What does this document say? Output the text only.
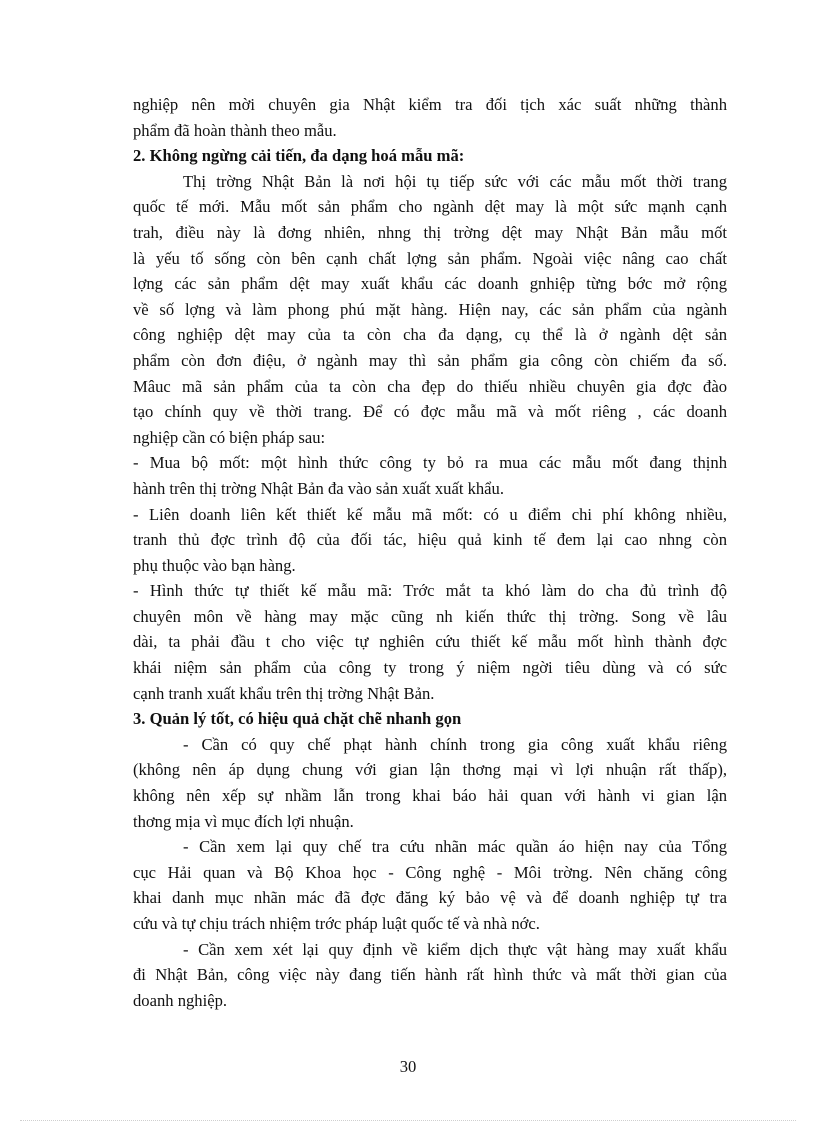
nghiệp nên mời chuyên gia Nhật kiểm tra đối tịch xác suất những thành
phẩm đã hoàn thành theo mẫu.
2. Không ngừng cải tiến, đa dạng hoá mẫu mã:
Thị trờng Nhật Bản là nơi hội tụ tiếp sức với các mẫu mốt thời trang
quốc tế mới. Mẫu mốt sản phẩm cho ngành dệt may là một sức mạnh cạnh
trah, điều này là đơng nhiên, nhng thị trờng dệt may Nhật Bản mẫu mốt
là yếu tố sống còn bên cạnh chất lợng sản phẩm. Ngoài việc nâng cao chất
lợng các sản phẩm dệt may xuất khẩu các doanh gnhiệp từng bớc mở rộng
về số lợng và làm phong phú mặt hàng. Hiện nay, các sản phẩm của ngành
công nghiệp dệt may của ta còn cha đa dạng, cụ thể là ở ngành dệt sản
phẩm còn đơn điệu, ở ngành may thì sản phẩm gia công còn chiếm đa số.
Mâuc mã sản phẩm của ta còn cha đẹp do thiếu nhiều chuyên gia đợc đào
tạo chính quy về thời trang. Để có đợc mẫu mã và mốt riêng , các doanh
nghiệp cần có biện pháp sau:
- Mua bộ mốt: một hình thức công ty bỏ ra mua các mẫu mốt đang thịnh
hành trên thị trờng Nhật Bản đa vào sản xuất xuất khẩu.
- Liên doanh liên kết thiết kế mẫu mã mốt: có u điểm chi phí không nhiều,
tranh thủ đợc trình độ của đối tác, hiệu quả kinh tế đem lại cao nhng còn
phụ thuộc vào bạn hàng.
- Hình thức tự thiết kế mẫu mã: Trớc mắt ta khó làm do cha đủ trình độ
chuyên môn về hàng may mặc cũng nh kiến thức thị trờng. Song về lâu
dài, ta phải đầu t cho việc tự nghiên cứu thiết kế mẫu mốt hình thành đợc
khái niệm sản phẩm của công ty trong ý niệm ngời tiêu dùng và có sức
cạnh tranh xuất khẩu trên thị trờng Nhật Bản.
3. Quản lý tốt, có hiệu quả chặt chẽ nhanh gọn
- Cần có quy chế phạt hành chính trong gia công xuất khẩu riêng
(không nên áp dụng chung với gian lận thơng mại vì lợi nhuận rất thấp),
không nên xếp sự nhầm lẫn trong khai báo hải quan với hành vi gian lận
thơng mịa vì mục đích lợi nhuận.
- Cần xem lại quy chế tra cứu nhãn mác quần áo hiện nay của Tổng
cục Hải quan và Bộ Khoa học - Công nghệ - Môi trờng. Nên chăng công
khai danh mục nhãn mác đã đợc đăng ký bảo vệ và để doanh nghiệp tự tra
cứu và tự chịu trách nhiệm trớc pháp luật quốc tế và nhà nớc.
- Cần xem xét lại quy định về kiểm dịch thực vật hàng may xuất khẩu
đi Nhật Bản, công việc này đang tiến hành rất hình thức và mất thời gian của
doanh nghiệp.
30
